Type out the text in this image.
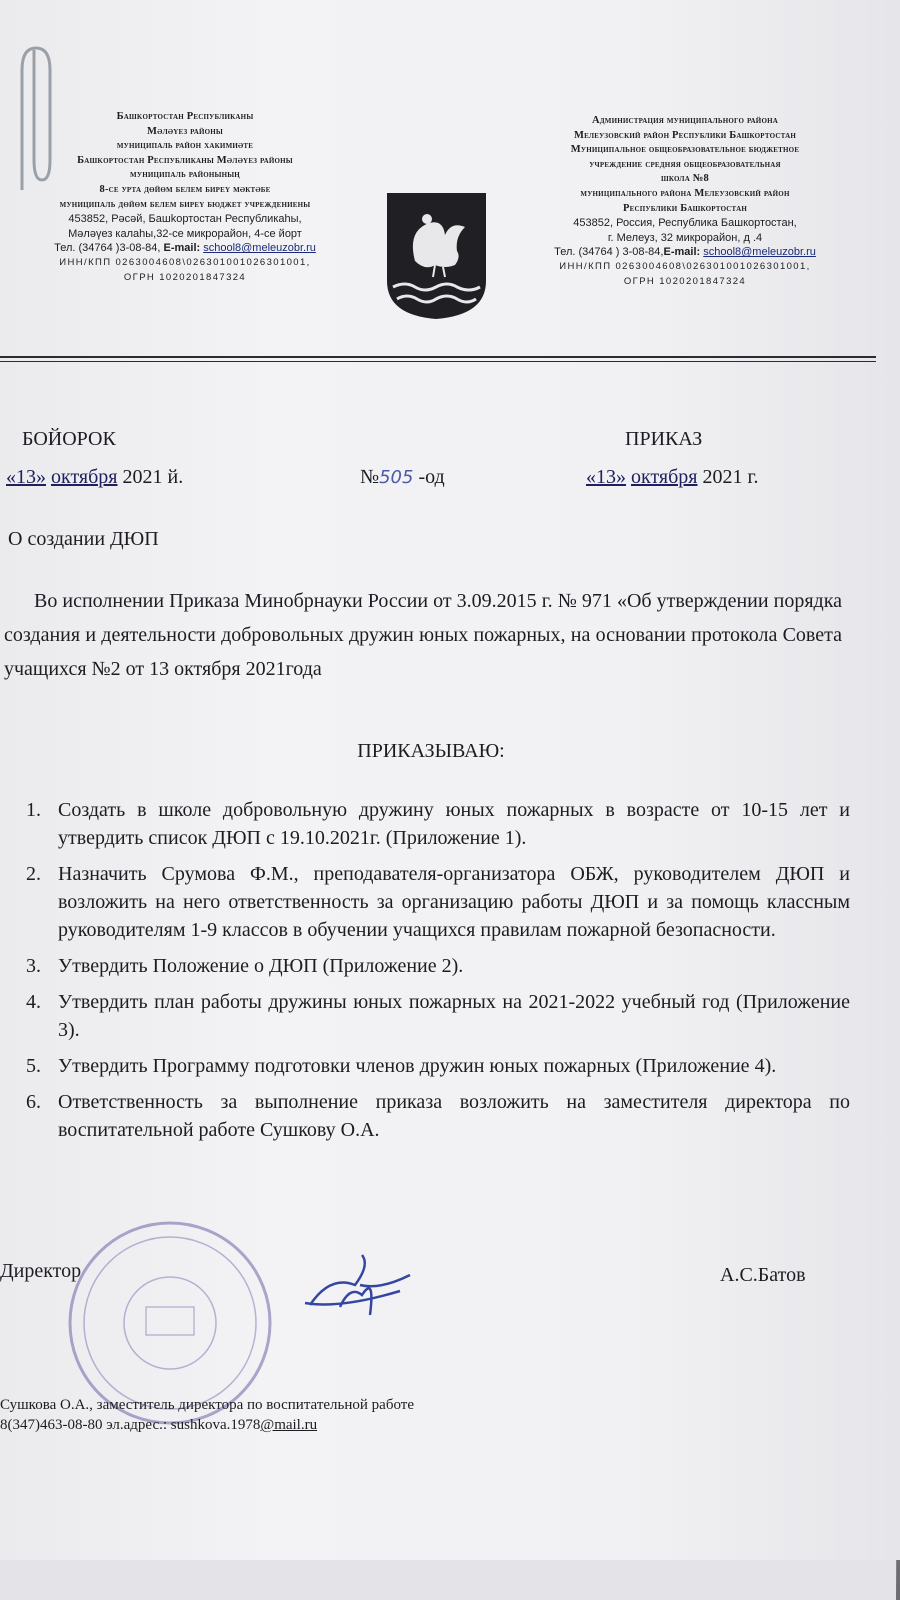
Башkортостан Республикаhы
Мәләүез районы
муниципаль район хакимиәте
Башkортостан Республикаhы Мәләүез районы
муниципаль районының
8-се урта дөйөм белем биреү мәктәбе
муниципаль дөйөм белем биреү бюджет учреждениеhы
453852, Рәсәй, Башkортостан Республикаhы,
Мәләүез калаhы,32-се микрорайон, 4-се йорт
Тел. (34764 )3-08-84, E-mail: school8@meleuzobr.ru
ИНН/КПП 0263004608\026301001026301001,
ОГРН 1020201847324
Администрация муниципального района
Мелеузовский район Республики Башкортостан
Муниципальное общеобразовательное бюджетное
учреждение средняя общеобразовательная
школа №8
муниципального района Мелеузовский район
Республики Башкортостан
453852, Россия, Республика Башкортостан,
г. Мелеуз, 32 микрорайон, д .4
Тел. (34764 ) 3-08-84,E-mail: school8@meleuzobr.ru
ИНН/КПП 0263004608\026301001026301001,
ОГРН 1020201847324
БОЙОРОК	ПРИКАЗ
«13» октября 2021 й.	№505 -од	«13» октября 2021 г.
О создании ДЮП
Во исполнении Приказа Минобрнауки России от 3.09.2015 г. № 971 «Об утверждении порядка создания и деятельности добровольных дружин юных пожарных, на основании протокола Совета учащихся №2 от 13 октября 2021года
ПРИКАЗЫВАЮ:
1. Создать в школе добровольную дружину юных пожарных в возрасте от 10-15 лет и утвердить список ДЮП с 19.10.2021г. (Приложение 1).
2. Назначить Срумова Ф.М., преподавателя-организатора ОБЖ, руководителем ДЮП и возложить на него ответственность за организацию работы ДЮП и за помощь классным руководителям 1-9 классов в обучении учащихся правилам пожарной безопасности.
3. Утвердить Положение о ДЮП (Приложение 2).
4. Утвердить план работы дружины юных пожарных на 2021-2022 учебный год (Приложение 3).
5. Утвердить Программу подготовки членов дружин юных пожарных (Приложение 4).
6. Ответственность за выполнение приказа возложить на заместителя директора по воспитательной работе Сушкову О.А.
Директор	А.С.Батов
Сушкова О.А., заместитель директора по воспитательной работе
8(347)463-08-80 эл.адрес.: sushkova.1978@mail.ru
